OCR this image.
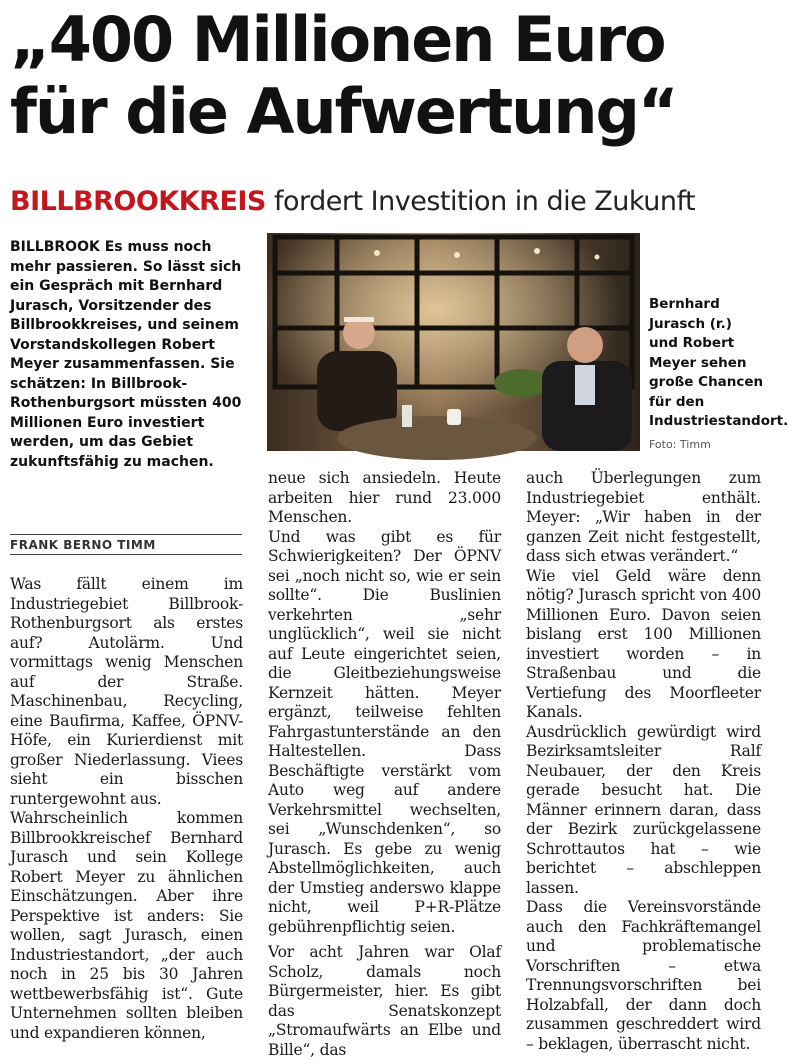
„400 Millionen Euro
für die Aufwertung“
BILLBROOKKREIS fordert Investition in die Zukunft
BILLBROOK Es muss noch mehr passieren. So lässt sich ein Gespräch mit Bernhard Jurasch, Vorsitzender des Billbrookkreises, und seinem Vorstandskollegen Robert Meyer zusammenfassen. Sie schätzen: In Billbrook-Rothenburgsort müssten 400 Millionen Euro investiert werden, um das Gebiet zukunftsfähig zu machen.
FRANK BERNO TIMM
Bernhard Jurasch (r.) und Robert Meyer sehen große Chancen für den Industriestandort.
Foto: Timm

Was fällt einem im Industriegebiet Billbrook-Rothenburgsort als erstes auf? Autolärm. Und vormittags wenig Menschen auf der Straße. Maschinenbau, Recycling, eine Baufirma, Kaffee, ÖPNV-Höfe, ein Kurierdienst mit großer Niederlassung. Viees sieht ein bisschen runtergewohnt aus.

Wahrscheinlich kommen Billbrookkreischef Bernhard Jurasch und sein Kollege Robert Meyer zu ähnlichen Einschätzungen. Aber ihre Perspektive ist anders: Sie wollen, sagt Jurasch, einen Industriestandort, „der auch noch in 25 bis 30 Jahren wettbewerbsfähig ist“. Gute Unternehmen sollten bleiben und expandieren können,

neue sich ansiedeln. Heute arbeiten hier rund 23.000 Menschen.

Und was gibt es für Schwierigkeiten? Der ÖPNV sei „noch nicht so, wie er sein sollte“. Die Buslinien verkehrten „sehr unglücklich“, weil sie nicht auf Leute eingerichtet seien, die Gleitbeziehungsweise Kernzeit hätten. Meyer ergänzt, teilweise fehlten Fahrgastunterstände an den Haltestellen. Dass Beschäftigte verstärkt vom Auto weg auf andere Verkehrsmittel wechselten, sei „Wunschdenken“, so Jurasch. Es gebe zu wenig Abstellmöglichkeiten, auch der Umstieg anderswo klappe nicht, weil P+R-Plätze gebührenpflichtig seien.

Vor acht Jahren war Olaf Scholz, damals noch Bürgermeister, hier. Es gibt das Senatskonzept „Stromaufwärts an Elbe und Bille“, das

auch Überlegungen zum Industriegebiet enthält. Meyer: „Wir haben in der ganzen Zeit nicht festgestellt, dass sich etwas verändert.“

Wie viel Geld wäre denn nötig? Jurasch spricht von 400 Millionen Euro. Davon seien bislang erst 100 Millionen investiert worden – in Straßenbau und die Vertiefung des Moorfleeter Kanals.

Ausdrücklich gewürdigt wird Bezirksamtsleiter Ralf Neubauer, der den Kreis gerade besucht hat. Die Männer erinnern daran, dass der Bezirk zurückgelassene Schrottautos hat – wie berichtet – abschleppen lassen.

Dass die Vereinsvorstände auch den Fachkräftemangel und problematische Vorschriften – etwa Trennungsvorschriften bei Holzabfall, der dann doch zusammen geschreddert wird – beklagen, überrascht nicht.
